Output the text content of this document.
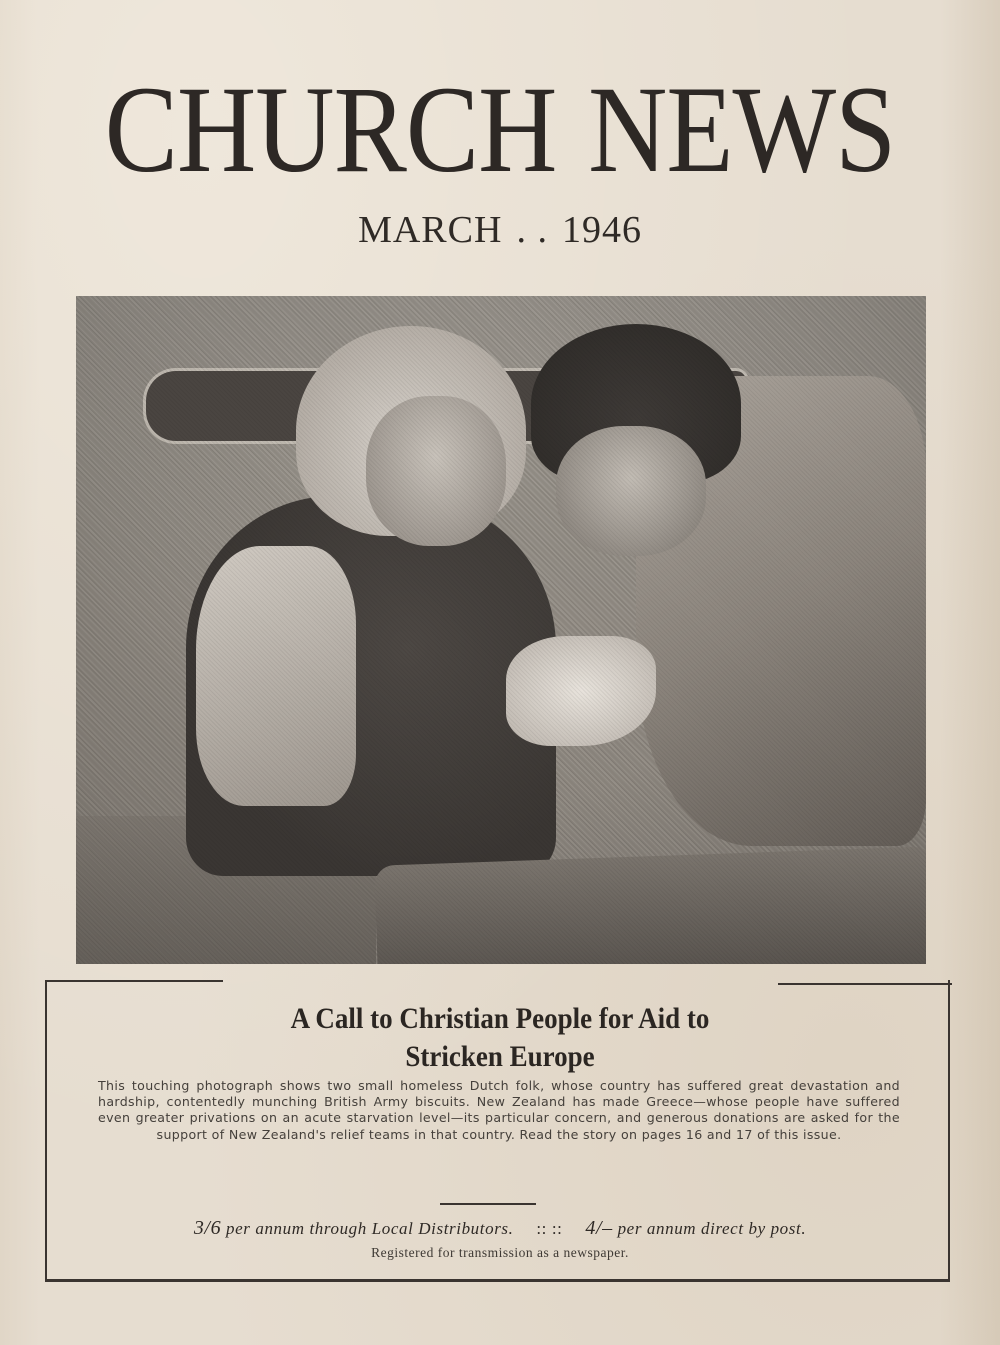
CHURCH NEWS
MARCH . . 1946
A Call to Christian People for Aid to
Stricken Europe
This touching photograph shows two small homeless Dutch folk, whose country has suffered great devastation and hardship, contentedly munching British Army biscuits. New Zealand has made Greece—whose people have suffered even greater privations on an acute starvation level—its particular concern, and generous donations are asked for the support of New Zealand's relief teams in that country. Read the story on pages 16 and 17 of this issue.
3/6 per annum through Local Distributors. :: :: 4/– per annum direct by post.
Registered for transmission as a newspaper.
